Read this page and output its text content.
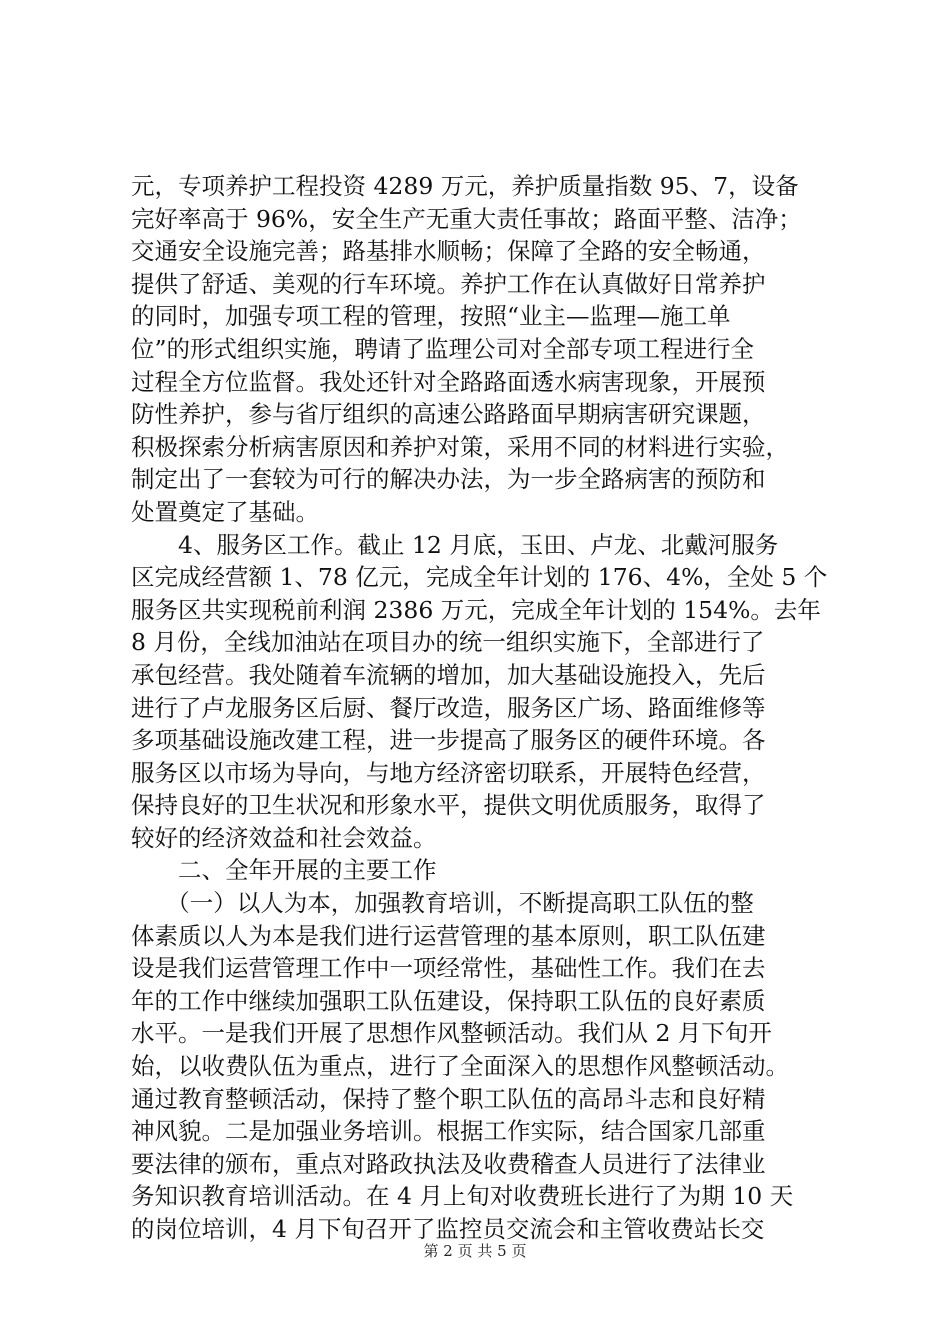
元，专项养护工程投资 4289 万元，养护质量指数 95、7，设备
完好率高于 96%，安全生产无重大责任事故；路面平整、洁净；
交通安全设施完善；路基排水顺畅；保障了全路的安全畅通，
提供了舒适、美观的行车环境。养护工作在认真做好日常养护
的同时，加强专项工程的管理，按照“业主—监理—施工单
位”的形式组织实施，聘请了监理公司对全部专项工程进行全
过程全方位监督。我处还针对全路路面透水病害现象，开展预
防性养护，参与省厅组织的高速公路路面早期病害研究课题，
积极探索分析病害原因和养护对策，采用不同的材料进行实验，
制定出了一套较为可行的解决办法，为一步全路病害的预防和
处置奠定了基础。
　　4、服务区工作。截止 12 月底，玉田、卢龙、北戴河服务
区完成经营额 1、78 亿元，完成全年计划的 176、4%，全处 5 个
服务区共实现税前利润 2386 万元，完成全年计划的 154%。去年
8 月份，全线加油站在项目办的统一组织实施下，全部进行了
承包经营。我处随着车流辆的增加，加大基础设施投入，先后
进行了卢龙服务区后厨、餐厅改造，服务区广场、路面维修等
多项基础设施改建工程，进一步提高了服务区的硬件环境。各
服务区以市场为导向，与地方经济密切联系，开展特色经营，
保持良好的卫生状况和形象水平，提供文明优质服务，取得了
较好的经济效益和社会效益。
　　二、全年开展的主要工作
　　（一）以人为本，加强教育培训，不断提高职工队伍的整
体素质以人为本是我们进行运营管理的基本原则，职工队伍建
设是我们运营管理工作中一项经常性，基础性工作。我们在去
年的工作中继续加强职工队伍建设，保持职工队伍的良好素质
水平。一是我们开展了思想作风整顿活动。我们从 2 月下旬开
始，以收费队伍为重点，进行了全面深入的思想作风整顿活动。
通过教育整顿活动，保持了整个职工队伍的高昂斗志和良好精
神风貌。二是加强业务培训。根据工作实际，结合国家几部重
要法律的颁布，重点对路政执法及收费稽查人员进行了法律业
务知识教育培训活动。在 4 月上旬对收费班长进行了为期 10 天
的岗位培训，4 月下旬召开了监控员交流会和主管收费站长交
第 2 页 共 5 页
